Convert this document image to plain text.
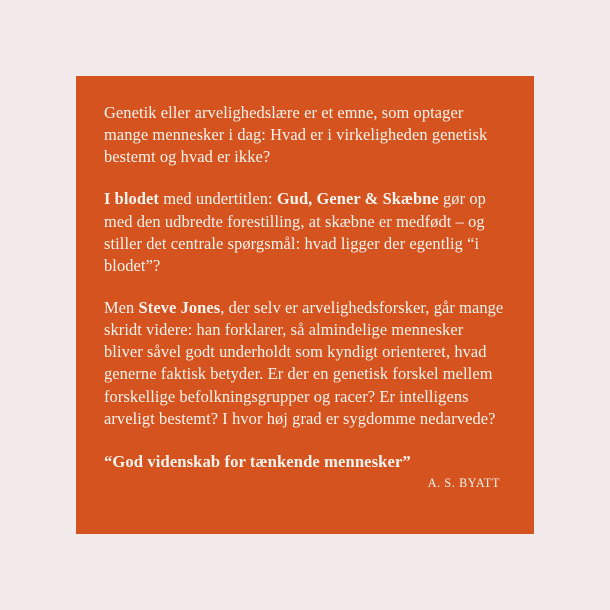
Genetik eller arvelighedslære er et emne, som optager mange mennesker i dag: Hvad er i virkeligheden genetisk bestemt og hvad er ikke?

I blodet med undertitlen: Gud, Gener & Skæbne gør op med den udbredte forestilling, at skæbne er medfødt – og stiller det centrale spørgsmål: hvad ligger der egentlig “i blodet”?

Men Steve Jones, der selv er arvelighedsforsker, går mange skridt videre: han forklarer, så almindelige mennesker bliver såvel godt underholdt som kyndigt orienteret, hvad generne faktisk betyder. Er der en genetisk forskel mellem forskellige befolkningsgrupper og racer? Er intelligens arveligt bestemt? I hvor høj grad er sygdomme nedarvede?

“God videnskab for tænkende mennesker”

A. S. BYATT
